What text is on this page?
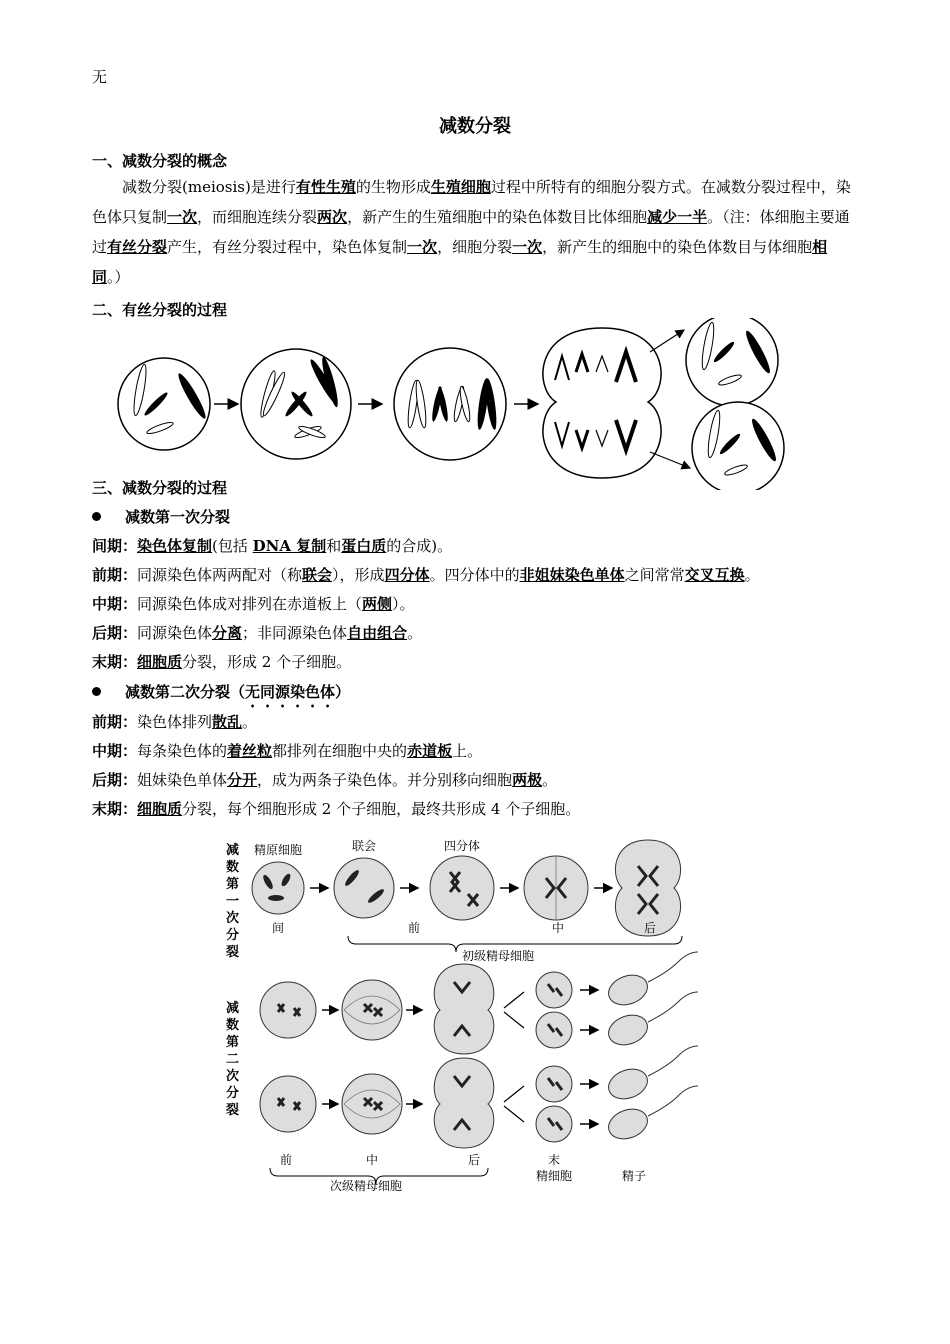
无
减数分裂
一、减数分裂的概念
　　减数分裂(meiosis)是进行有性生殖的生物形成生殖细胞过程中所特有的细胞分裂方式。在减数分裂过程中，染色体只复制一次，而细胞连续分裂两次，新产生的生殖细胞中的染色体数目比体细胞减少一半。（注：体细胞主要通过有丝分裂产生，有丝分裂过程中，染色体复制一次，细胞分裂一次，新产生的细胞中的染色体数目与体细胞相同。）
二、有丝分裂的过程
三、减数分裂的过程
减数第一次分裂
间期：染色体复制(包括 DNA 复制和蛋白质的合成)。
前期：同源染色体两两配对（称联会），形成四分体。四分体中的非姐妹染色单体之间常常交叉互换。
中期：同源染色体成对排列在赤道板上（两侧）。
后期：同源染色体分离；非同源染色体自由组合。
末期：细胞质分裂，形成 2 个子细胞。
减数第二次分裂（无同源染色体）
前期：染色体排列散乱。
中期：每条染色体的着丝粒都排列在细胞中央的赤道板上。
后期：姐妹染色单体分开，成为两条子染色体。并分别移向细胞两极。
末期：细胞质分裂，每个细胞形成 2 个子细胞，最终共形成 4 个子细胞。
减数第一次分裂
减数第二次分裂
精原细胞	联会	四分体
间	前	中	后
初级精母细胞
前	中	后	末
次级精母细胞
精细胞	精子
